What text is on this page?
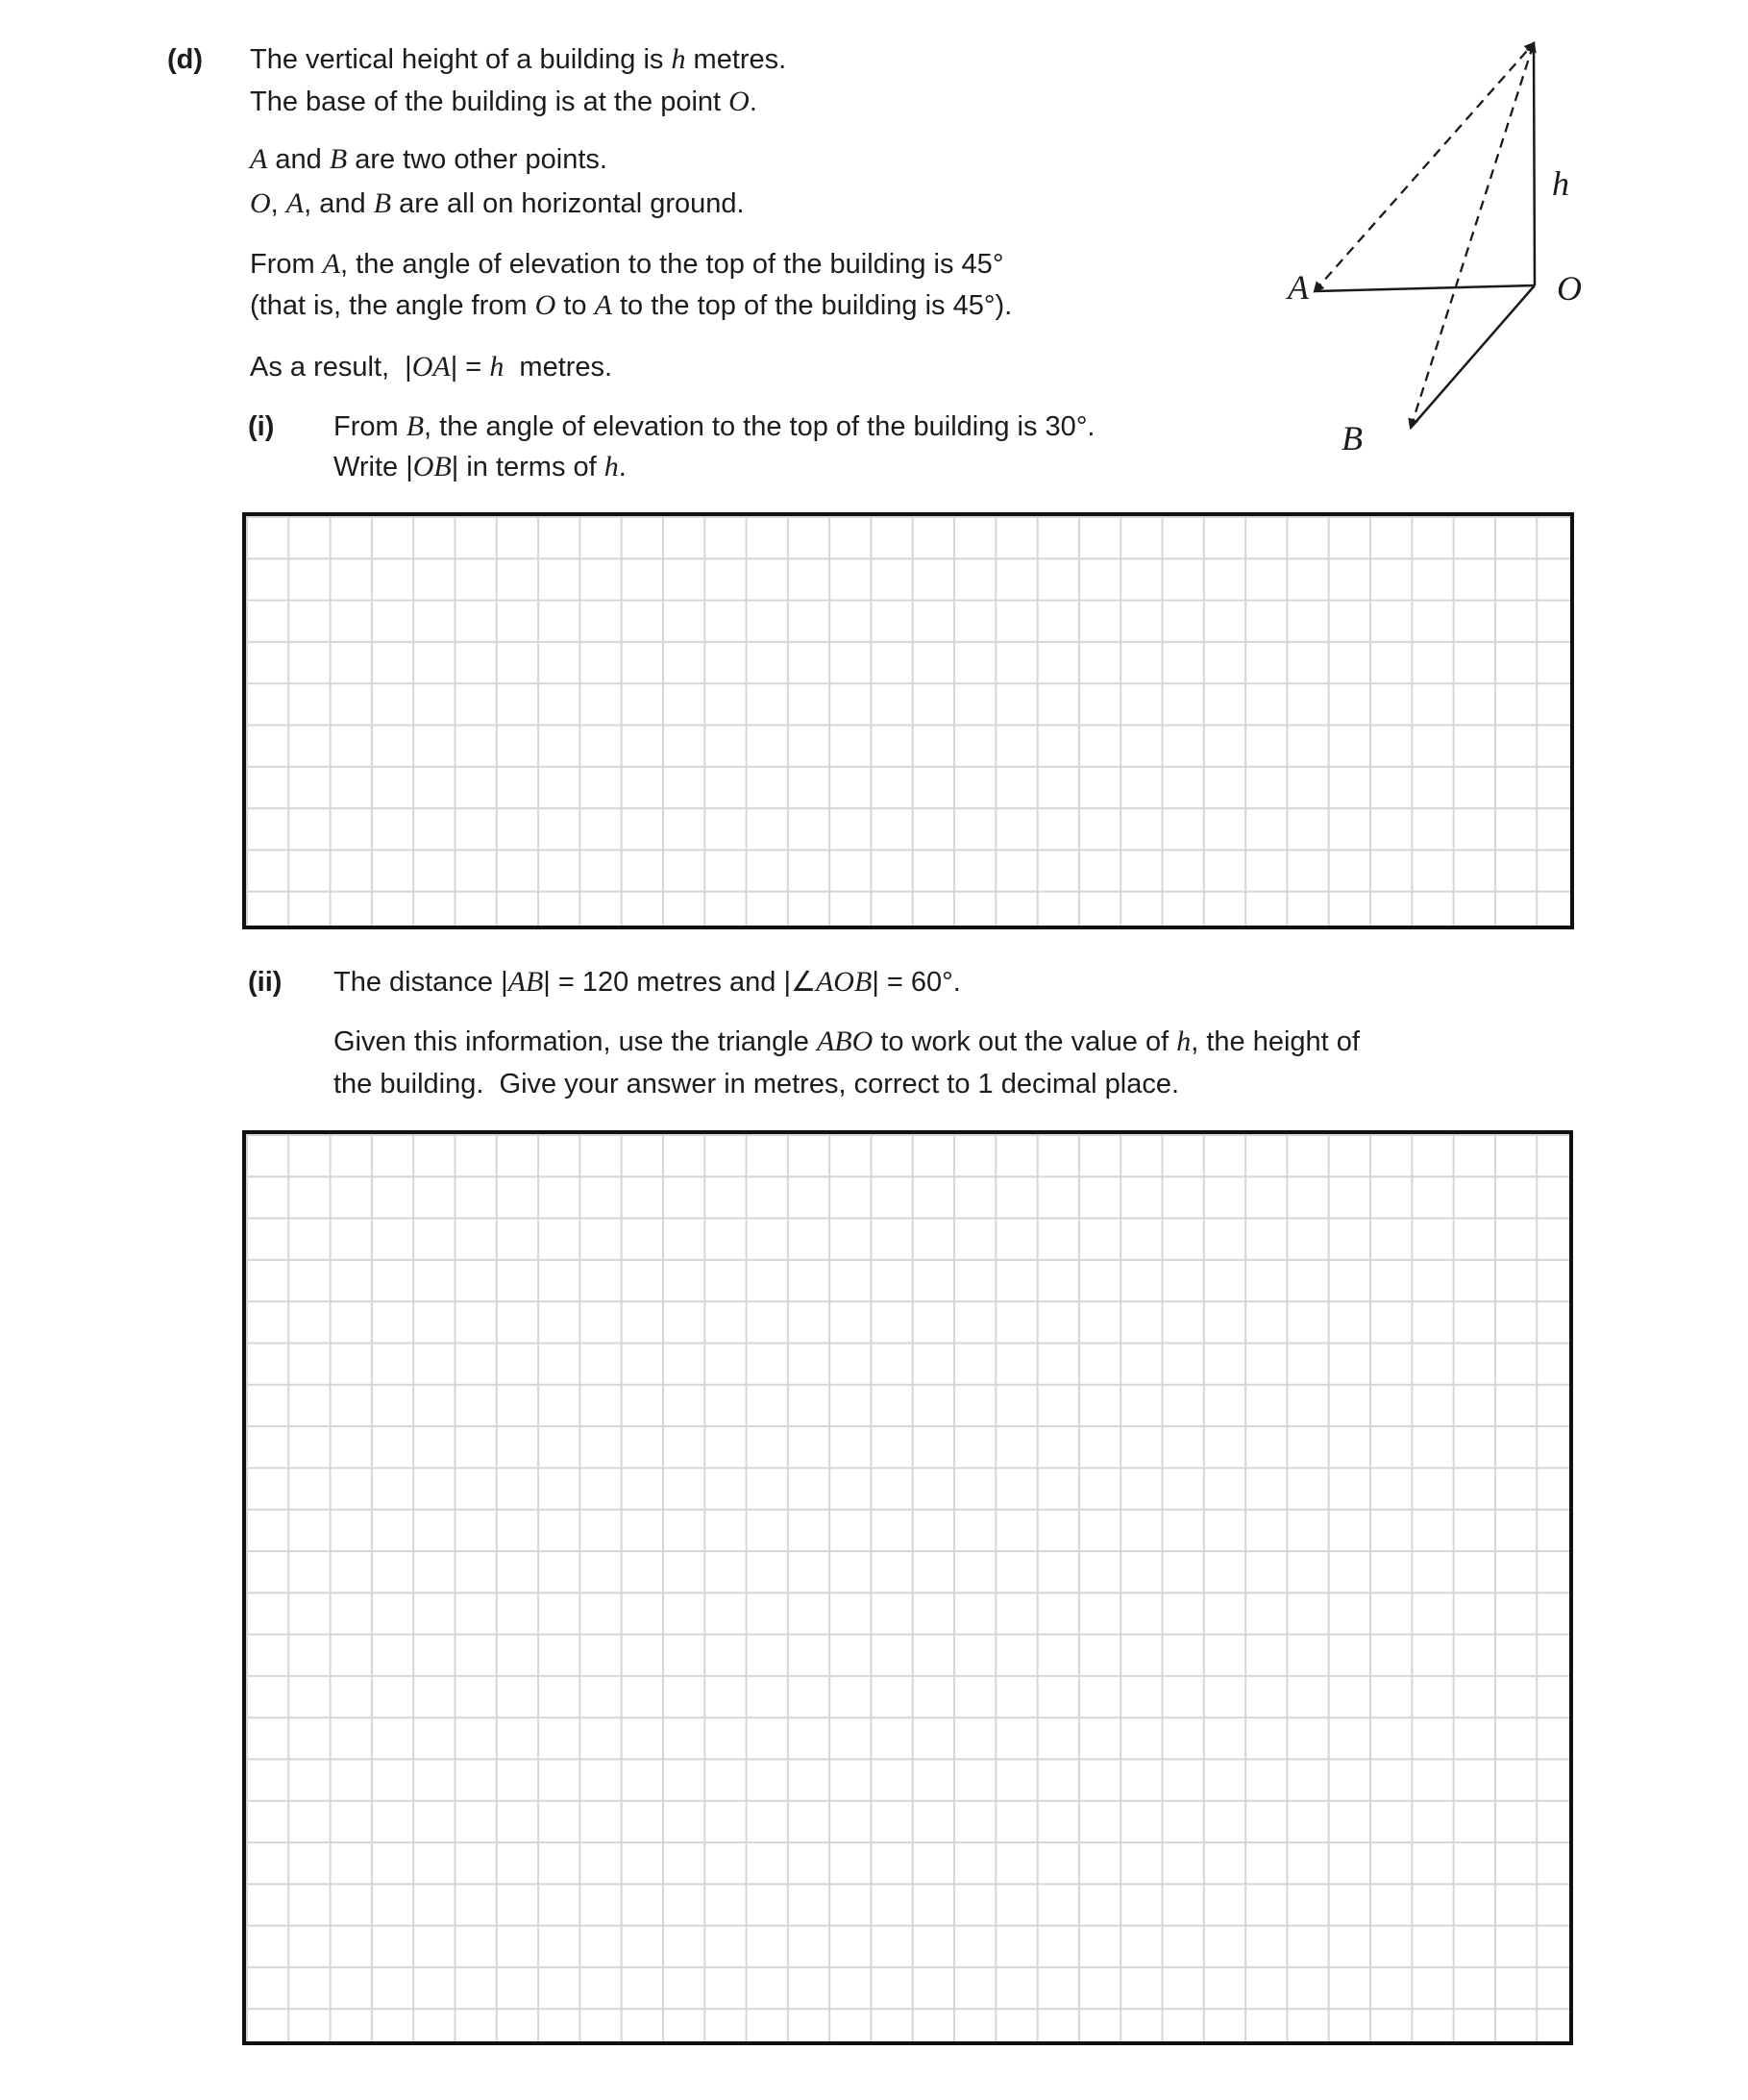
(d) The vertical height of a building is h metres.
The base of the building is at the point O.
A and B are two other points.
O, A, and B are all on horizontal ground.
From A, the angle of elevation to the top of the building is 45°
(that is, the angle from O to A to the top of the building is 45°).
As a result,  |OA| = h  metres.
(i) From B, the angle of elevation to the top of the building is 30°.
Write |OB| in terms of h.
(ii) The distance |AB| = 120 metres and |∠AOB| = 60°.
Given this information, use the triangle ABO to work out the value of h, the height of
the building.  Give your answer in metres, correct to 1 decimal place.
h
O
A
B
